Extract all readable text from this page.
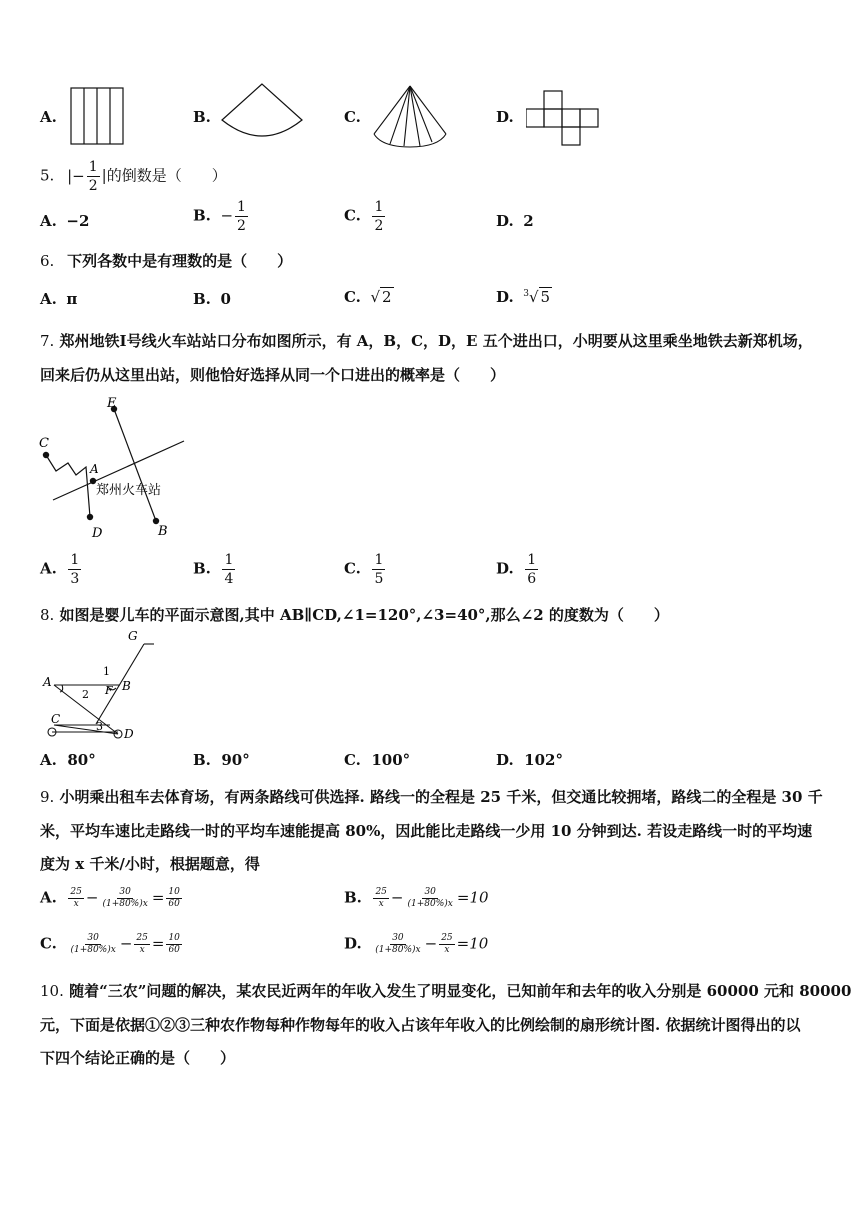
A.	B.	C.	D.
5. |− $\frac{1}{2}$ |的倒数是（　　）
A. −2	B. − $\frac{1}{2}$	C. $\frac{1}{2}$	D. 2
6. 下列各数中是有理数的是（　　）
A. π	B. 0	C.  √ 2	D. $^3$√ 5
7. 郑州地铁I号线火车站站口分布如图所示，有 A，B，C，D，E 五个进出口，小明要从这里乘坐地铁去新郑机场，
回来后仍从这里出站，则他恰好选择从同一个口进出的概率是（　　）
E
C
A
D	B
郑州火车站
A. $\frac{1}{3}$	B. $\frac{1}{4}$	C. $\frac{1}{5}$	D. $\frac{1}{6}$
8. 如图是婴儿车的平面示意图,其中 AB∥CD,∠1=120°,∠3=40°,那么∠2 的度数为（　　）
G
A	B
F
C
D
1
2
3
A. 80°	B. 90°	C. 100°	D. 102°
9. 小明乘出租车去体育场，有两条路线可供选择. 路线一的全程是 25 千米，但交通比较拥堵，路线二的全程是 30 千
米，平均车速比走路线一时的平均车速能提高 80%，因此能比走路线一少用 10 分钟到达. 若设走路线一时的平均速
度为 x 千米/小时，根据题意，得
A. $\frac{25}{x} - \frac{30}{(1+80\%)x} = \frac{10}{60}$	B. $\frac{25}{x} - \frac{30}{(1+80\%)x} =10$
C. $\frac{30}{(1+80\%)x} - \frac{25}{x} = \frac{10}{60}$	D. $\frac{30}{(1+80\%)x} - \frac{25}{x} =10$
10. 随着“三农”问题的解决，某农民近两年的年收入发生了明显变化，已知前年和去年的收入分别是 60000 元和 80000
元，下面是依据①②③三种农作物每种作物每年的收入占该年年收入的比例绘制的扇形统计图. 依据统计图得出的以
下四个结论正确的是（　　）
